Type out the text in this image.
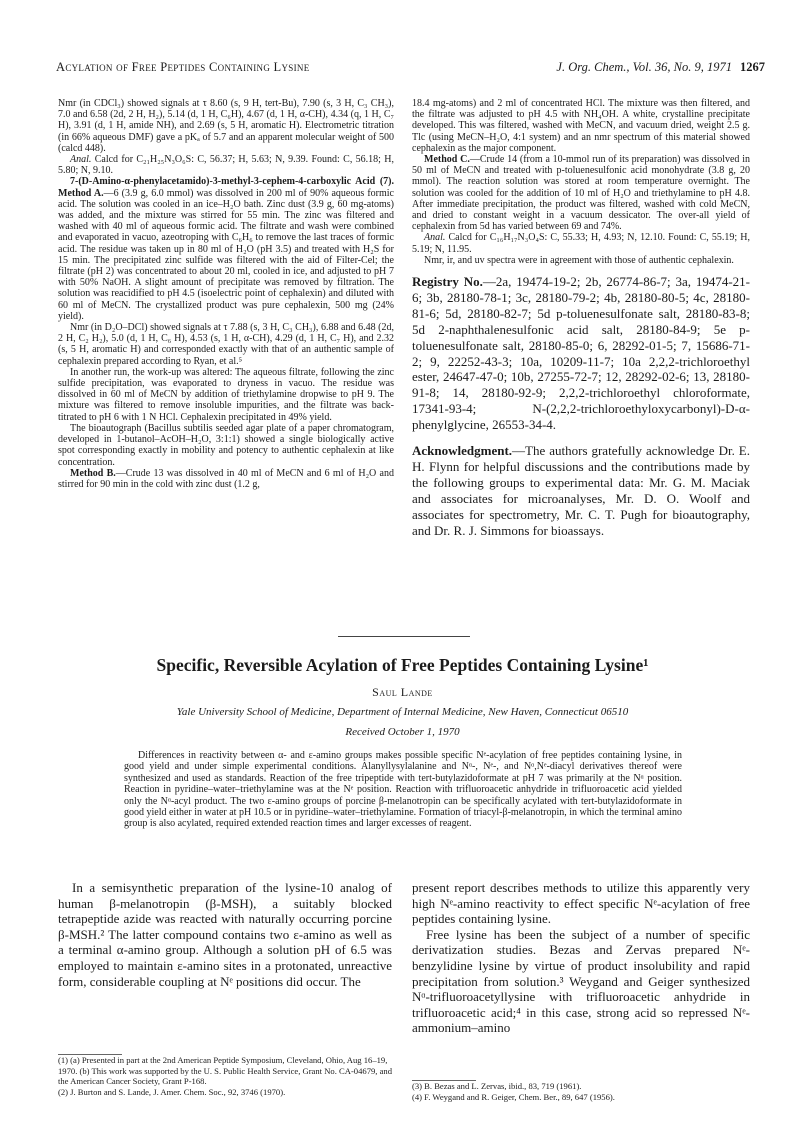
Acylation of Free Peptides Containing Lysine	J. Org. Chem., Vol. 36, No. 9, 1971 1267

Nmr (in CDCl₃) showed signals at τ 8.60 (s, 9 H, tert-Bu), 7.90 (s, 3 H, C₃ CH₃), 7.0 and 6.58 (2d, 2 H, H₂), 5.14 (d, 1 H, C₆H), 4.67 (d, 1 H, α-CH), 4.34 (q, 1 H, C₇ H), 3.91 (d, 1 H, amide NH), and 2.69 (s, 5 H, aromatic H). Electrometric titration (in 66% aqueous DMF) gave a pKₐ of 5.7 and an apparent molecular weight of 500 (calcd 448).

Anal. Calcd for C₂₁H₂₅N₃O₆S: C, 56.37; H, 5.63; N, 9.39. Found: C, 56.18; H, 5.80; N, 9.10.

7-(D-Amino-α-phenylacetamido)-3-methyl-3-cephem-4-carboxylic Acid (7). Method A.—6 (3.9 g, 6.0 mmol) was dissolved in 200 ml of 90% aqueous formic acid. The solution was cooled in an ice–H₂O bath. Zinc dust (3.9 g, 60 mg-atoms) was added, and the mixture was stirred for 55 min. The zinc was filtered and washed with 40 ml of aqueous formic acid. The filtrate and wash were combined and evaporated in vacuo, azeotroping with C₆H₆ to remove the last traces of formic acid. The residue was taken up in 80 ml of H₂O (pH 3.5) and treated with H₂S for 15 min. The precipitated zinc sulfide was filtered with the aid of Filter-Cel; the filtrate (pH 2) was concentrated to about 20 ml, cooled in ice, and adjusted to pH 7 with 50% NaOH. A slight amount of precipitate was removed by filtration. The solution was reacidified to pH 4.5 (isoelectric point of cephalexin) and diluted with 60 ml of MeCN. The crystallized product was pure cephalexin, 500 mg (24% yield).

Nmr (in D₂O–DCl) showed signals at τ 7.88 (s, 3 H, C₃ CH₃), 6.88 and 6.48 (2d, 2 H, C₂ H₂), 5.0 (d, 1 H, C₆ H), 4.53 (s, 1 H, α-CH), 4.29 (d, 1 H, C₇ H), and 2.32 (s, 5 H, aromatic H) and corresponded exactly with that of an authentic sample of cephalexin prepared according to Ryan, et al.⁵

In another run, the work-up was altered: The aqueous filtrate, following the zinc sulfide precipitation, was evaporated to dryness in vacuo. The residue was dissolved in 60 ml of MeCN by addition of triethylamine dropwise to pH 9. The mixture was filtered to remove insoluble impurities, and the filtrate was back-titrated to pH 6 with 1 N HCl. Cephalexin precipitated in 49% yield.

The bioautograph (Bacillus subtilis seeded agar plate of a paper chromatogram, developed in 1-butanol–AcOH–H₂O, 3:1:1) showed a single biologically active spot corresponding exactly in mobility and potency to authentic cephalexin at like concentration.

Method B.—Crude 13 was dissolved in 40 ml of MeCN and 6 ml of H₂O and stirred for 90 min in the cold with zinc dust (1.2 g,

18.4 mg-atoms) and 2 ml of concentrated HCl. The mixture was then filtered, and the filtrate was adjusted to pH 4.5 with NH₄OH. A white, crystalline precipitate developed. This was filtered, washed with MeCN, and vacuum dried, weight 2.5 g. Tlc (using MeCN–H₂O, 4:1 system) and an nmr spectrum of this material showed cephalexin as the major component.

Method C.—Crude 14 (from a 10-mmol run of its preparation) was dissolved in 50 ml of MeCN and treated with p-toluenesulfonic acid monohydrate (3.8 g, 20 mmol). The reaction solution was stored at room temperature overnight. The solution was cooled for the addition of 10 ml of H₂O and triethylamine to pH 4.8. After immediate precipitation, the product was filtered, washed with cold MeCN, and dried to constant weight in a vacuum dessicator. The over-all yield of cephalexin from 5d has varied between 69 and 74%.

Anal. Calcd for C₁₆H₁₇N₃O₄S: C, 55.33; H, 4.93; N, 12.10. Found: C, 55.19; H, 5.19; N, 11.95.

Nmr, ir, and uv spectra were in agreement with those of authentic cephalexin.

Registry No.—2a, 19474-19-2; 2b, 26774-86-7; 3a, 19474-21-6; 3b, 28180-78-1; 3c, 28180-79-2; 4b, 28180-80-5; 4c, 28180-81-6; 5d, 28180-82-7; 5d p-toluenesulfonate salt, 28180-83-8; 5d 2-naphthalenesulfonic acid salt, 28180-84-9; 5e p-toluenesulfonate salt, 28180-85-0; 6, 28292-01-5; 7, 15686-71-2; 9, 22252-43-3; 10a, 10209-11-7; 10a 2,2,2-trichloroethyl ester, 24647-47-0; 10b, 27255-72-7; 12, 28292-02-6; 13, 28180-91-8; 14, 28180-92-9; 2,2,2-trichloroethyl chloroformate, 17341-93-4; N-(2,2,2-trichloroethyloxycarbonyl)-D-α-phenylglycine, 26553-34-4.
Acknowledgment.—The authors gratefully acknowledge Dr. E. H. Flynn for helpful discussions and the contributions made by the following groups to experimental data: Mr. G. M. Maciak and associates for microanalyses, Mr. D. O. Woolf and associates for spectrometry, Mr. C. T. Pugh for bioautography, and Dr. R. J. Simmons for bioassays.
Specific, Reversible Acylation of Free Peptides Containing Lysine¹
Saul Lande
Yale University School of Medicine, Department of Internal Medicine, New Haven, Connecticut 06510
Received October 1, 1970
Differences in reactivity between α- and ε-amino groups makes possible specific Nᵉ-acylation of free peptides containing lysine, in good yield and under simple experimental conditions. Alanyllysylalanine and Nᵅ-, Nᵉ-, and Nᵅ,Nᵉ-diacyl derivatives thereof were synthesized and used as standards. Reaction of the free tripeptide with tert-butylazidoformate at pH 7 was primarily at the Nᵅ position. Reaction in pyridine–water–triethylamine was at the Nᵉ position. Reaction with trifluoroacetic anhydride in trifluoroacetic acid yielded only the Nᵅ-acyl product. The two ε-amino groups of porcine β-melanotropin can be specifically acylated with tert-butylazidoformate in good yield either in water at pH 10.5 or in pyridine–water–triethylamine. Formation of triacyl-β-melanotropin, in which the terminal amino group is also acylated, required extended reaction times and larger excesses of reagent.

In a semisynthetic preparation of the lysine-10 analog of human β-melanotropin (β-MSH), a suitably blocked tetrapeptide azide was reacted with naturally occurring porcine β-MSH.² The latter compound contains two ε-amino as well as a terminal α-amino group. Although a solution pH of 6.5 was employed to maintain ε-amino sites in a protonated, unreactive form, considerable coupling at Nᵉ positions did occur. The

present report describes methods to utilize this apparently very high Nᵉ-amino reactivity to effect specific Nᵉ-acylation of free peptides containing lysine.

Free lysine has been the subject of a number of specific derivatization studies. Bezas and Zervas prepared Nᵉ-benzylidine lysine by virtue of product insolubility and rapid precipitation from solution.³ Weygand and Geiger synthesized Nᵅ-trifluoroacetyllysine with trifluoroacetic anhydride in trifluoroacetic acid;⁴ in this case, strong acid so repressed Nᵉ-ammonium–amino

(1) (a) Presented in part at the 2nd American Peptide Symposium, Cleveland, Ohio, Aug 16–19, 1970. (b) This work was supported by the U. S. Public Health Service, Grant No. CA-04679, and the American Cancer Society, Grant P-168.
(2) J. Burton and S. Lande, J. Amer. Chem. Soc., 92, 3746 (1970).
(3) B. Bezas and L. Zervas, ibid., 83, 719 (1961).
(4) F. Weygand and R. Geiger, Chem. Ber., 89, 647 (1956).
